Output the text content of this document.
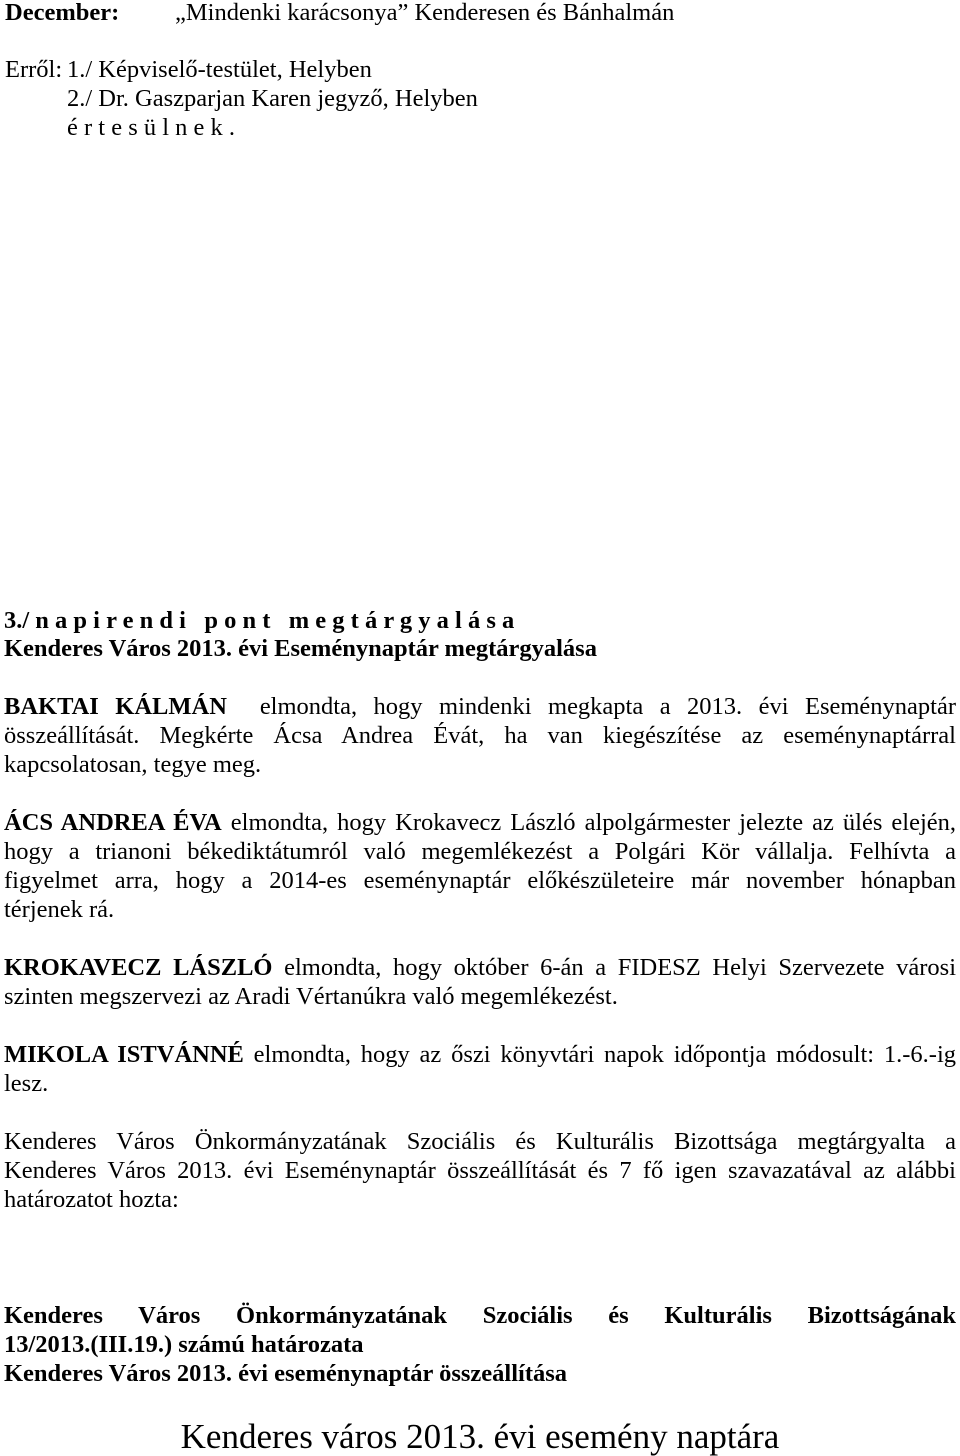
December: „Mindenki karácsonya” Kenderesen és Bánhalmán
Erről: 1./ Képviselő-testület, Helyben
2./ Dr. Gaszparjan Karen jegyző, Helyben
é r t e s ü l n e k .
3./ n a p i r e n d i   p o n t   m e g t á r g y a l á s a
Kenderes Város 2013. évi Eseménynaptár megtárgyalása
BAKTAI KÁLMÁN elmondta, hogy mindenki megkapta a 2013. évi Eseménynaptár
összeállítását. Megkérte Ácsa Andrea Évát, ha van kiegészítése az eseménynaptárral
kapcsolatosan, tegye meg.
ÁCS ANDREA ÉVA elmondta, hogy Krokavecz László alpolgármester jelezte az ülés elején,
hogy a trianoni békediktátumról való megemlékezést a Polgári Kör vállalja. Felhívta a
figyelmet arra, hogy a 2014-es eseménynaptár előkészületeire már november hónapban
térjenek rá.
KROKAVECZ LÁSZLÓ elmondta, hogy október 6-án a FIDESZ Helyi Szervezete városi
szinten megszervezi az Aradi Vértanúkra való megemlékezést.
MIKOLA ISTVÁNNÉ elmondta, hogy az őszi könyvtári napok időpontja módosult: 1.-6.-ig
lesz.
Kenderes Város Önkormányzatának Szociális és Kulturális Bizottsága megtárgyalta a
Kenderes Város 2013. évi Eseménynaptár összeállítását és 7 fő igen szavazatával az alábbi
határozatot hozta:
Kenderes Város Önkormányzatának Szociális és Kulturális Bizottságának
13/2013.(III.19.) számú határozata
Kenderes Város 2013. évi eseménynaptár összeállítása
Kenderes város 2013. évi esemény naptára
